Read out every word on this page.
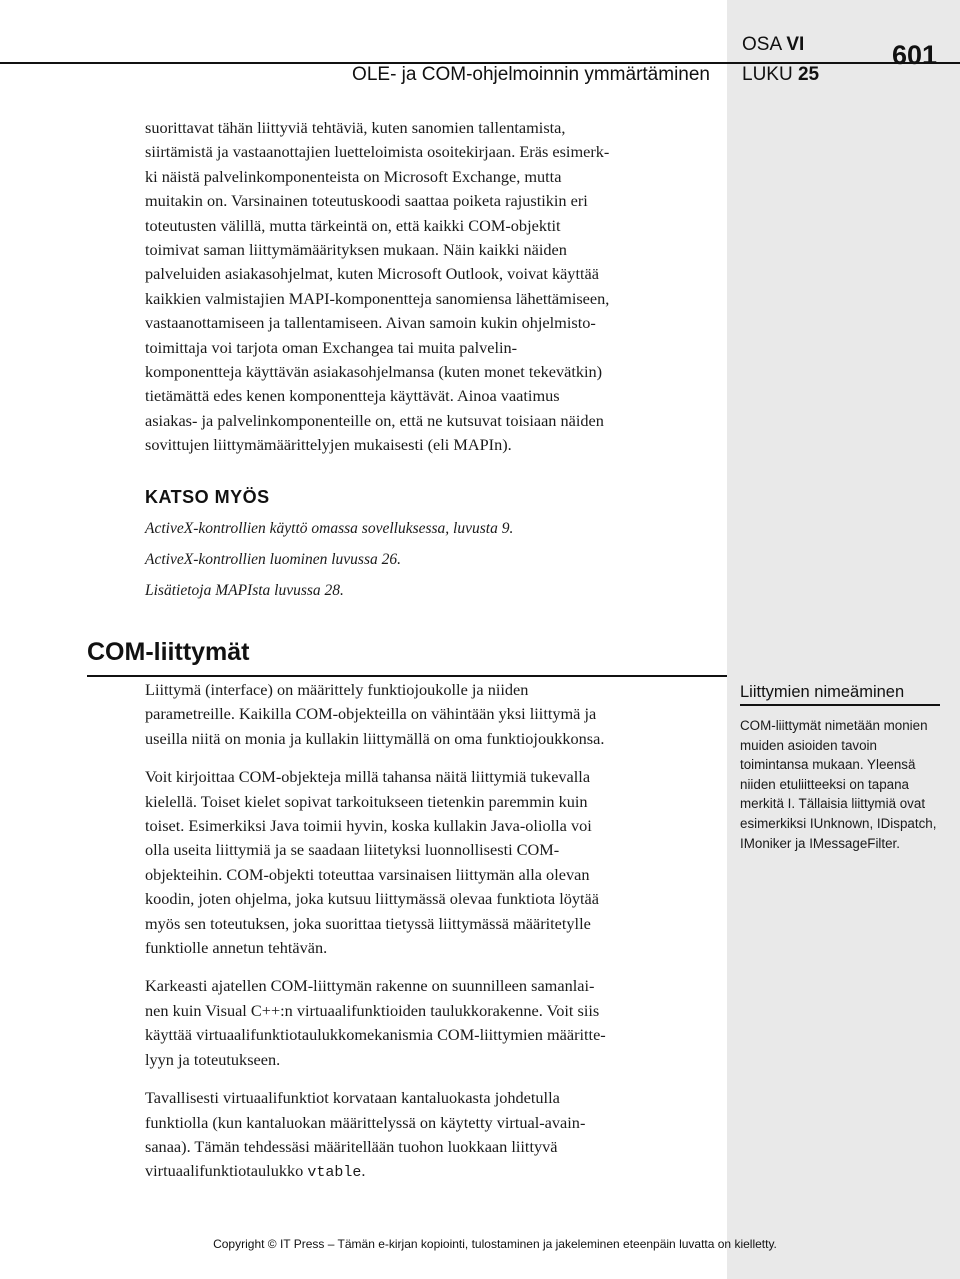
OLE- ja COM-ohjelmoinnin ymmärtäminen
OSA VI
LUKU 25
601
suorittavat tähän liittyviä tehtäviä, kuten sanomien tallentamista,
siirtämistä ja vastaanottajien luetteloimista osoitekirjaan. Eräs esimerk-
ki näistä palvelinkomponenteista on Microsoft Exchange, mutta
muitakin on. Varsinainen toteutuskoodi saattaa poiketa rajustikin eri
toteutusten välillä, mutta tärkeintä on, että kaikki COM-objektit
toimivat saman liittymämäärityksen mukaan. Näin kaikki näiden
palveluiden asiakasohjelmat, kuten Microsoft Outlook, voivat käyttää
kaikkien valmistajien MAPI-komponentteja sanomiensa lähettämiseen,
vastaanottamiseen ja tallentamiseen. Aivan samoin kukin ohjelmisto-
toimittaja voi tarjota oman Exchangea tai muita palvelin-
komponentteja käyttävän asiakasohjelmansa (kuten monet tekevätkin)
tietämättä edes kenen komponentteja käyttävät. Ainoa vaatimus
asiakas- ja palvelinkomponenteille on, että ne kutsuvat toisiaan näiden
sovittujen liittymämäärittelyjen mukaisesti (eli MAPIn).
KATSO MYÖS
ActiveX-kontrollien käyttö omassa sovelluksessa, luvusta 9.
ActiveX-kontrollien luominen luvussa 26.
Lisätietoja MAPIsta luvussa 28.
COM-liittymät

Liittymä (interface) on määrittely funktiojoukolle ja niiden
parametreille. Kaikilla COM-objekteilla on vähintään yksi liittymä ja
useilla niitä on monia ja kullakin liittymällä on oma funktiojoukkonsa.

Voit kirjoittaa COM-objekteja millä tahansa näitä liittymiä tukevalla
kielellä. Toiset kielet sopivat tarkoitukseen tietenkin paremmin kuin
toiset. Esimerkiksi Java toimii hyvin, koska kullakin Java-oliolla voi
olla useita liittymiä ja se saadaan liitetyksi luonnollisesti COM-
objekteihin. COM-objekti toteuttaa varsinaisen liittymän alla olevan
koodin, joten ohjelma, joka kutsuu liittymässä olevaa funktiota löytää
myös sen toteutuksen, joka suorittaa tietyssä liittymässä määritetylle
funktiolle annetun tehtävän.

Karkeasti ajatellen COM-liittymän rakenne on suunnilleen samanlai-
nen kuin Visual C++:n virtuaalifunktioiden taulukkorakenne. Voit siis
käyttää virtuaalifunktiotaulukkomekanismia COM-liittymien määritte-
lyyn ja toteutukseen.

Tavallisesti virtuaalifunktiot korvataan kantaluokasta johdetulla
funktiolla (kun kantaluokan määrittelyssä on käytetty virtual-avain-
sanaa). Tämän tehdessäsi määritellään tuohon luokkaan liittyvä
virtuaalifunktiotaulukko vtable.

Liittymien nimeäminen
COM-liittymät nimetään monien
muiden asioiden tavoin
toimintansa mukaan. Yleensä
niiden etuliitteeksi on tapana
merkitä I. Tällaisia liittymiä ovat
esimerkiksi IUnknown, IDispatch,
IMoniker ja IMessageFilter.
Copyright © IT Press – Tämän e-kirjan kopiointi, tulostaminen ja jakeleminen eteenpäin luvatta on kielletty.
